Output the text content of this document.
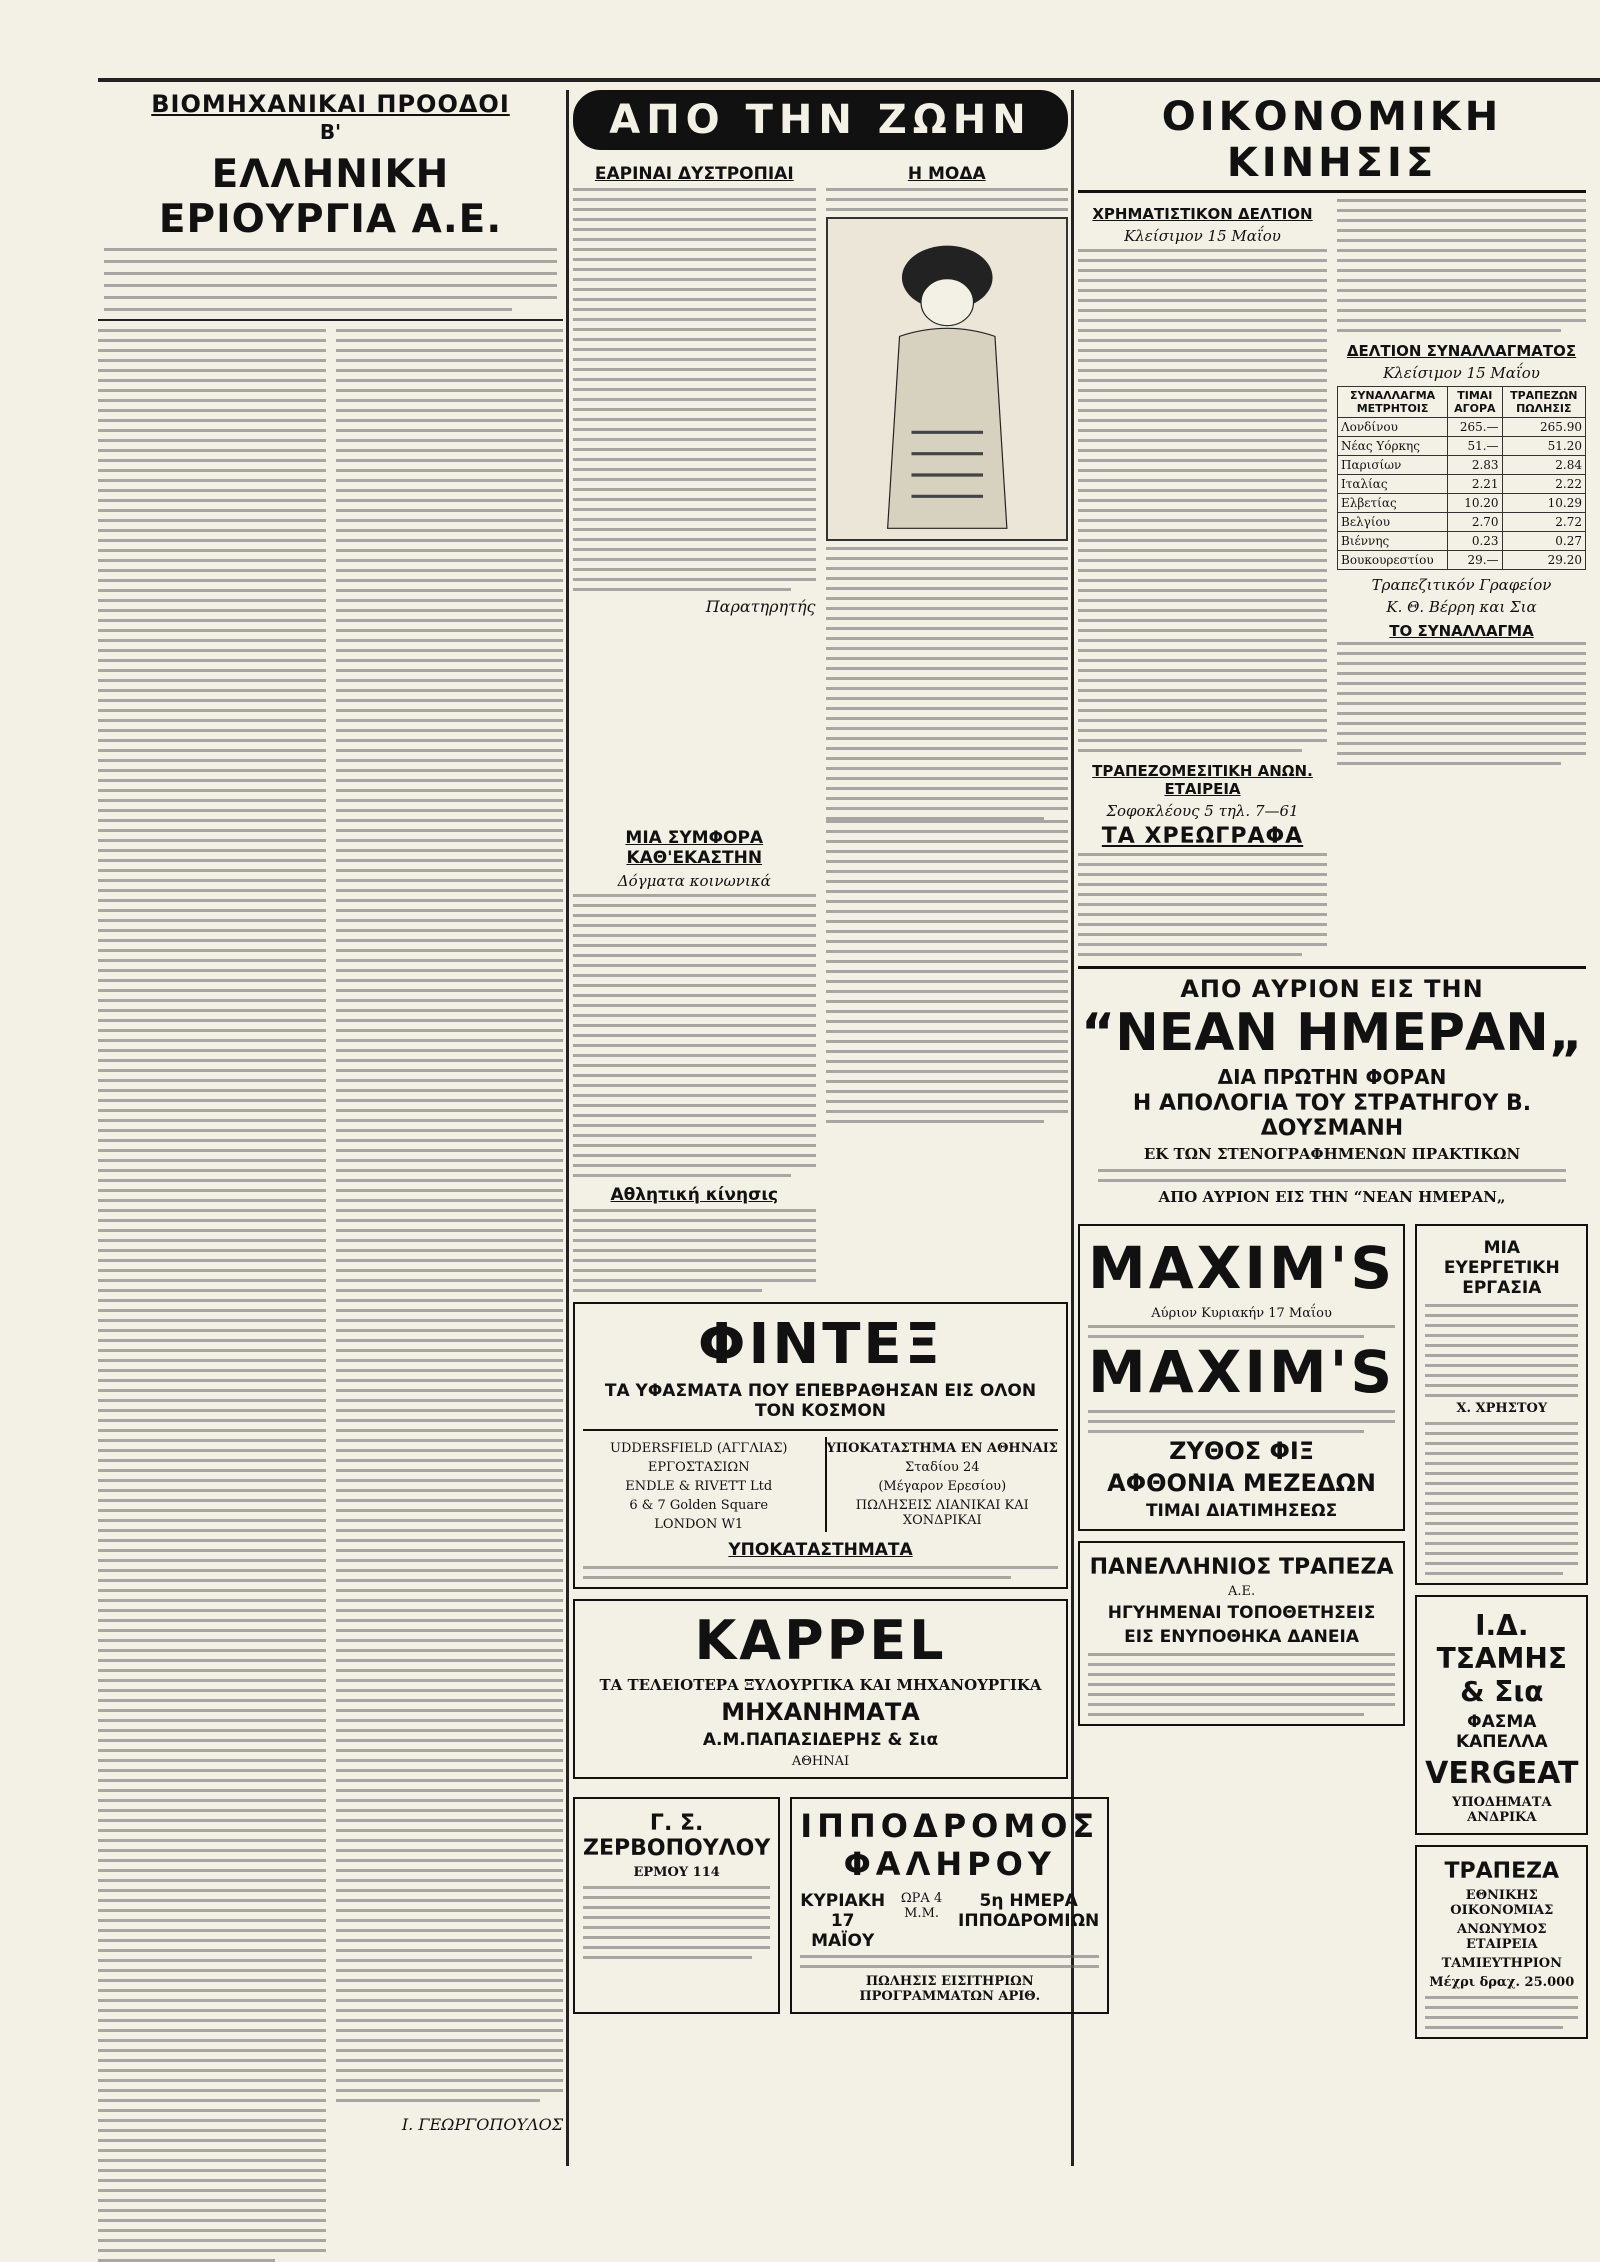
ΒΙΟΜΗΧΑΝΙΚΑΙ ΠΡΟΟΔΟΙ
Β'
ΕΛΛΗΝΙΚΗ ΕΡΙΟΥΡΓΙΑ Α.Ε.
Ι. ΓΕΩΡΓΟΠΟΥΛΟΣ
ΑΠΟ ΤΗΝ ΖΩΗΝ
ΕΑΡΙΝΑΙ ΔΥΣΤΡΟΠΙΑΙ
Παρατηρητής
Η ΜΟΔΑ
ΜΙΑ ΣΥΜΦΟΡΑ ΚΑΘ'ΕΚΑΣΤΗΝ
Δόγματα κοινωνικά
Αθλητική κίνησις
ΦΙΝΤΕΞ
ΤΑ ΥΦΑΣΜΑΤΑ ΠΟΥ ΕΠΕΒΡΑΘΗΣΑΝ ΕΙΣ ΟΛΟΝ ΤΟΝ ΚΟΣΜΟΝ
UDDERSFIELD (ΑΓΓΛΙΑΣ)
ΕΡΓΟΣΤΑΣΙΩΝ
ENDLE & RIVETT Ltd
6 & 7 Golden Square
LONDON W1
ΥΠΟΚΑΤΑΣΤΗΜΑ ΕΝ ΑΘΗΝΑΙΣ
Σταδίου 24
(Μέγαρον Ερεσίου)
ΠΩΛΗΣΕΙΣ ΛΙΑΝΙΚΑΙ ΚΑΙ ΧΟΝΔΡΙΚΑΙ
ΥΠΟΚΑΤΑΣΤΗΜΑΤΑ
KAPPEL
ΤΑ ΤΕΛΕΙΟΤΕΡΑ ΞΥΛΟΥΡΓΙΚΑ ΚΑΙ ΜΗΧΑΝΟΥΡΓΙΚΑ
ΜΗΧΑΝΗΜΑΤΑ
Α.Μ.ΠΑΠΑΣΙΔΕΡΗΣ & Σια
ΑΘΗΝΑΙ
Γ. Σ. ΖΕΡΒΟΠΟΥΛΟΥ
ΕΡΜΟΥ 114
ΙΠΠΟΔΡΟΜΟΣ ΦΑΛΗΡΟΥ
ΚΥΡΙΑΚΗ 17 ΜΑΪΟΥ
ΩΡΑ 4 Μ.Μ.
5η ΗΜΕΡΑ ΙΠΠΟΔΡΟΜΙΩΝ
ΠΩΛΗΣΙΣ ΕΙΣΙΤΗΡΙΩΝ ΠΡΟΓΡΑΜΜΑΤΩΝ ΑΡΙΘ.
ΟΙΚΟΝΟΜΙΚΗ ΚΙΝΗΣΙΣ
ΧΡΗΜΑΤΙΣΤΙΚΟΝ ΔΕΛΤΙΟΝ
Κλείσιμον 15 Μαΐου
ΤΡΑΠΕΖΟΜΕΣΙΤΙΚΗ ΑΝΩΝ. ΕΤΑΙΡΕΙΑ
Σοφοκλέους 5 τηλ. 7—61
ΤΑ ΧΡΕΩΓΡΑΦΑ
ΔΕΛΤΙΟΝ ΣΥΝΑΛΛΑΓΜΑΤΟΣ
Κλείσιμον 15 Μαΐου
ΣΥΝΑΛΛΑΓΜΑ ΜΕΤΡΗΤΟΙΣ	ΤΙΜΑΙ ΑΓΟΡΑ	ΤΡΑΠΕΖΩΝ ΠΩΛΗΣΙΣ
Λονδίνου	265.—	265.90
Νέας Υόρκης	51.—	51.20
Παρισίων	2.83	2.84
Ιταλίας	2.21	2.22
Ελβετίας	10.20	10.29
Βελγίου	2.70	2.72
Βιέννης	0.23	0.27
Βουκουρεστίου	29.—	29.20
Τραπεζιτικόν Γραφείον
Κ. Θ. Βέρρη και Σια
ΤΟ ΣΥΝΑΛΛΑΓΜΑ
ΑΠΟ ΑΥΡΙΟΝ ΕΙΣ ΤΗΝ
“ΝΕΑΝ ΗΜΕΡΑΝ„
ΔΙΑ ΠΡΩΤΗΝ ΦΟΡΑΝ
Η ΑΠΟΛΟΓΙΑ ΤΟΥ ΣΤΡΑΤΗΓΟΥ Β. ΔΟΥΣΜΑΝΗ
ΕΚ ΤΩΝ ΣΤΕΝΟΓΡΑΦΗΜΕΝΩΝ ΠΡΑΚΤΙΚΩΝ
ΑΠΟ ΑΥΡΙΟΝ ΕΙΣ ΤΗΝ “ΝΕΑΝ ΗΜΕΡΑΝ„
MAXIM'S
Αύριον Κυριακήν 17 Μαΐου
MAXIM'S
ΖΥΘΟΣ ΦΙΞ
ΑΦΘΟΝΙΑ ΜΕΖΕΔΩΝ
ΤΙΜΑΙ ΔΙΑΤΙΜΗΣΕΩΣ
ΠΑΝΕΛΛΗΝΙΟΣ ΤΡΑΠΕΖΑ
Α.Ε.
ΗΓΥΗΜΕΝΑΙ ΤΟΠΟΘΕΤΗΣΕΙΣ
ΕΙΣ ΕΝΥΠΟΘΗΚΑ ΔΑΝΕΙΑ
ΜΙΑ ΕΥΕΡΓΕΤΙΚΗ ΕΡΓΑΣΙΑ
Χ. ΧΡΗΣΤΟΥ
Ι.Δ. ΤΣΑΜΗΣ & Σια
ΦΑΣΜΑ ΚΑΠΕΛΛΑ
VERGEAT
ΥΠΟΔΗΜΑΤΑ ΑΝΔΡΙΚΑ
ΤΡΑΠΕΖΑ
ΕΘΝΙΚΗΣ ΟΙΚΟΝΟΜΙΑΣ
ΑΝΩΝΥΜΟΣ ΕΤΑΙΡΕΙΑ
ΤΑΜΙΕΥΤΗΡΙΟΝ
Μέχρι δραχ. 25.000
